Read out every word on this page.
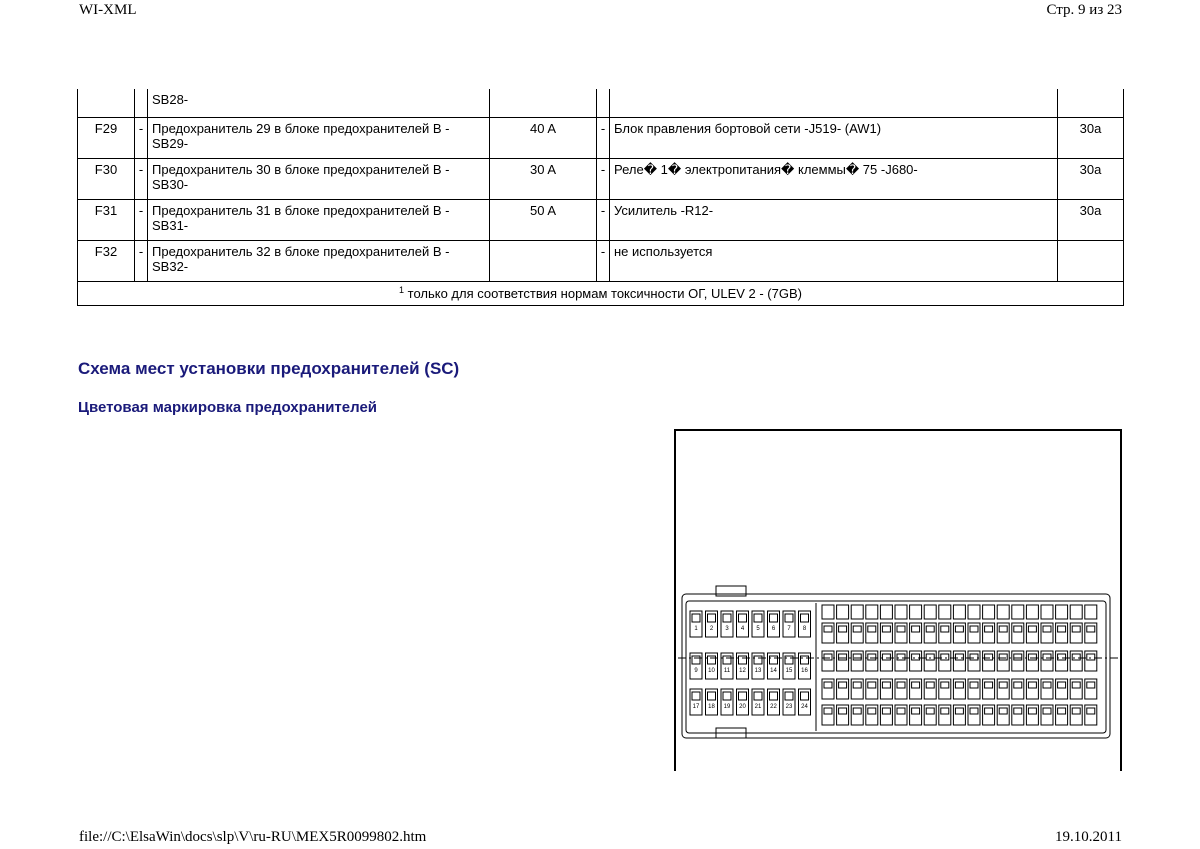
WI-XML	Стр. 9 из 23
		SB28-				
F29	-	Предохранитель 29 в блоке предохранителей B - SB29-	40 A	-	Блок правления бортовой сети -J519- (AW1)	30a
F30	-	Предохранитель 30 в блоке предохранителей B - SB30-	30 A	-	Реле� 1� электропитания� клеммы� 75 -J680-	30a
F31	-	Предохранитель 31 в блоке предохранителей B - SB31-	50 A	-	Усилитель -R12-	30a
F32	-	Предохранитель 32 в блоке предохранителей B - SB32-		-	не используется	
$^1$ только для соответствия нормам токсичности ОГ, ULEV 2 - (7GB)						
Схема мест установки предохранителей (SC)
Цветовая маркировка предохранителей
1 2 3 4 5 6 7 8
9 10 11 12 13 14 15 16
17 18 19 20 21 22 23 24
file://C:\ElsaWin\docs\slp\V\ru-RU\MEX5R0099802.htm	19.10.2011
